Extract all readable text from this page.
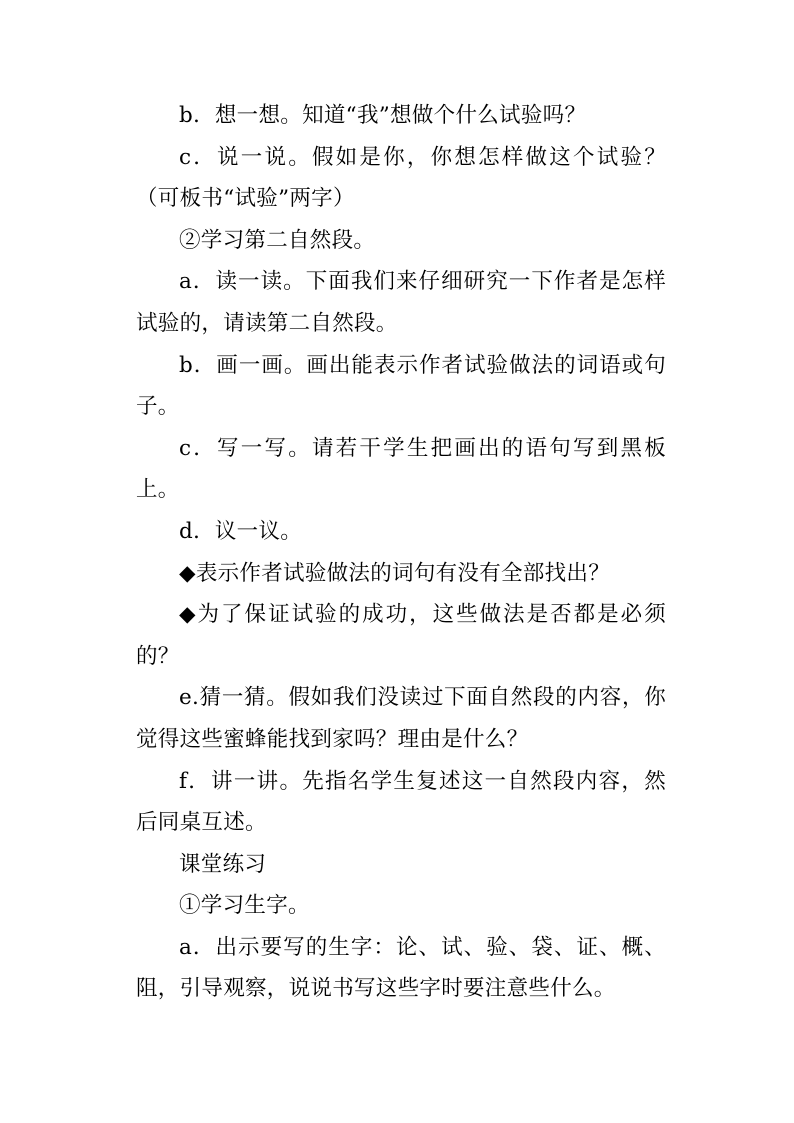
b．想一想。知道“我”想做个什么试验吗？

c．说一说。假如是你，你想怎样做这个试验？（可板书“试验”两字）

②学习第二自然段。

a．读一读。下面我们来仔细研究一下作者是怎样试验的，请读第二自然段。

b．画一画。画出能表示作者试验做法的词语或句子。

c．写一写。请若干学生把画出的语句写到黑板上。

d．议一议。

◆表示作者试验做法的词句有没有全部找出？

◆为了保证试验的成功，这些做法是否都是必须的？

e.猜一猜。假如我们没读过下面自然段的内容，你觉得这些蜜蜂能找到家吗？理由是什么？

f．讲一讲。先指名学生复述这一自然段内容，然后同桌互述。

课堂练习

①学习生字。

a．出示要写的生字：论、试、验、袋、证、概、阻，引导观察，说说书写这些字时要注意些什么。
